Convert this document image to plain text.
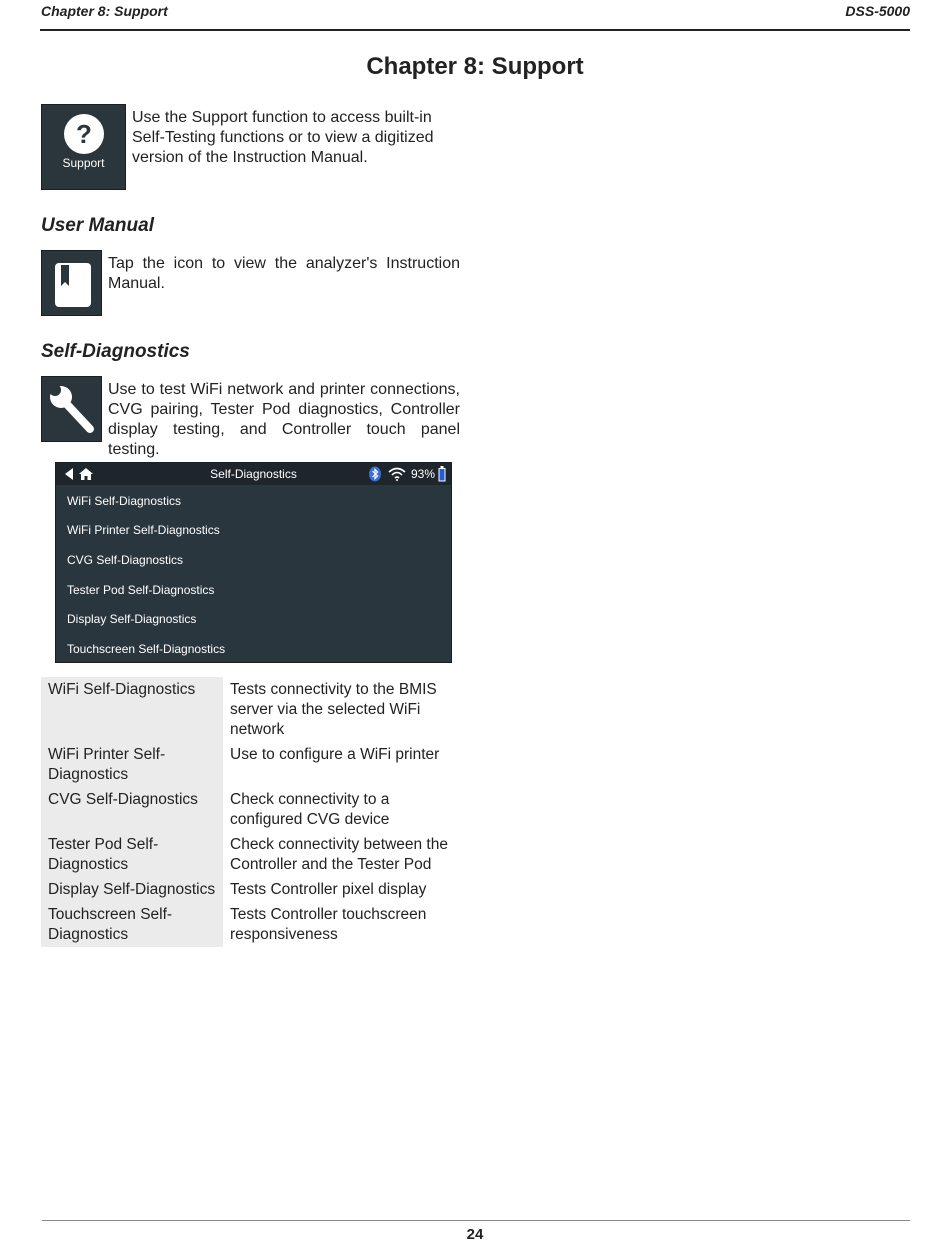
Chapter 8: Support	DSS-5000
Chapter 8: Support
?
Support
Use the Support function to access built-in Self-Testing functions or to view a digitized version of the Instruction Manual.
User Manual
Tap the icon to view the analyzer's Instruction Manual.
Self-Diagnostics
Use to test WiFi network and printer connections, CVG pairing, Tester Pod diagnostics, Controller display testing, and Controller touch panel testing.
Self-Diagnostics	93%
WiFi Self-Diagnostics
WiFi Printer Self-Diagnostics
CVG Self-Diagnostics
Tester Pod Self-Diagnostics
Display Self-Diagnostics
Touchscreen Self-Diagnostics
WiFi Self-Diagnostics	Tests connectivity to the BMIS server via the selected WiFi network
WiFi Printer Self-Diagnostics	Use to configure a WiFi printer
CVG Self-Diagnostics	Check connectivity to a configured CVG device
Tester Pod Self-Diagnostics	Check connectivity between the Controller and the Tester Pod
Display Self-Diagnostics	Tests Controller pixel display
Touchscreen Self-Diagnostics	Tests Controller touchscreen responsiveness
24
